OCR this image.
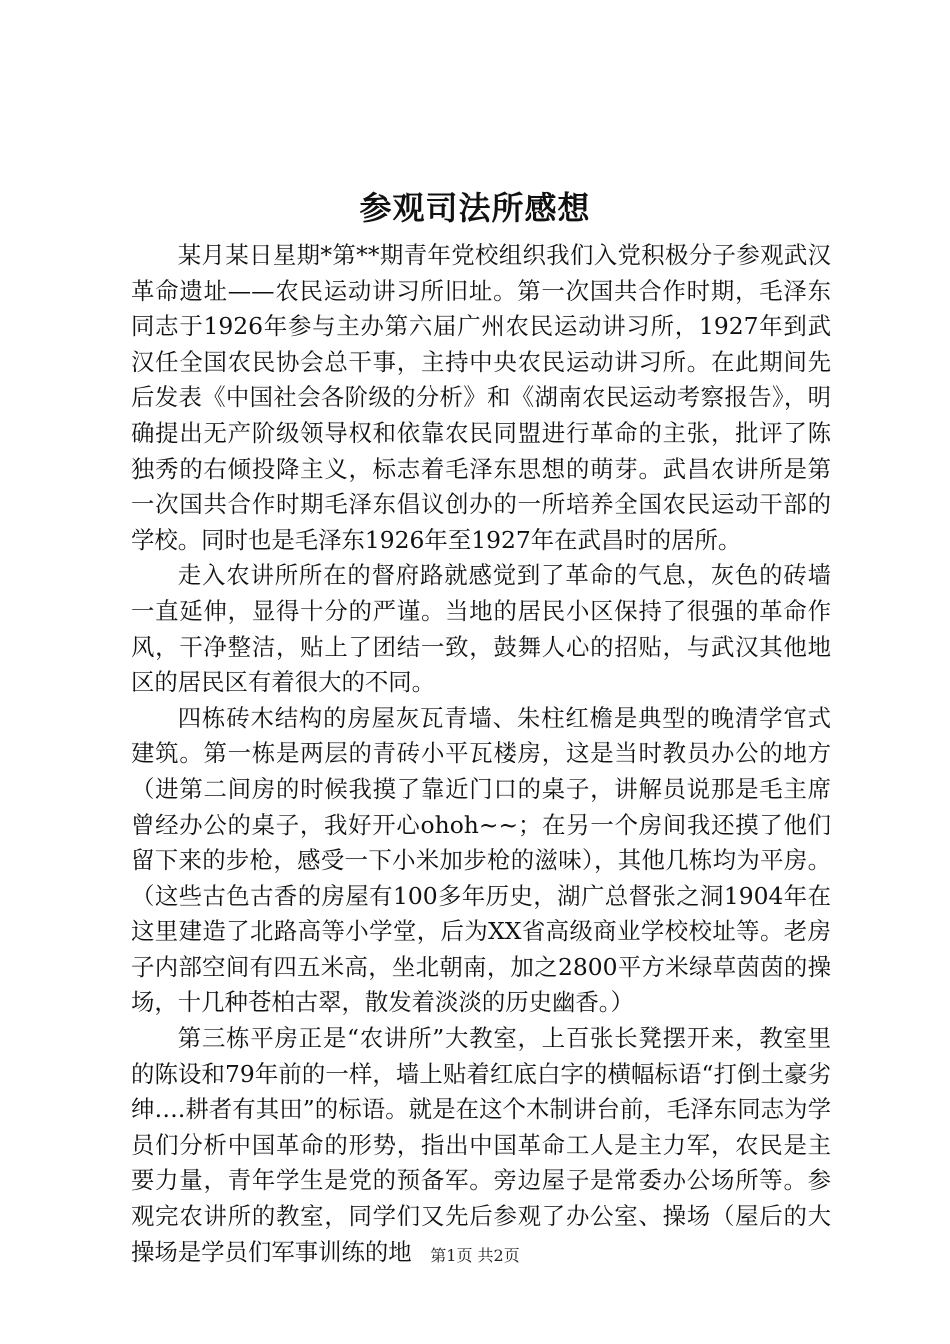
参观司法所感想

某月某日星期*第**期青年党校组织我们入党积极分子参观武汉革命遗址——农民运动讲习所旧址。第一次国共合作时期，毛泽东同志于1926年参与主办第六届广州农民运动讲习所，1927年到武汉任全国农民协会总干事，主持中央农民运动讲习所。在此期间先后发表《中国社会各阶级的分析》和《湖南农民运动考察报告》，明确提出无产阶级领导权和依靠农民同盟进行革命的主张，批评了陈独秀的右倾投降主义，标志着毛泽东思想的萌芽。武昌农讲所是第一次国共合作时期毛泽东倡议创办的一所培养全国农民运动干部的学校。同时也是毛泽东1926年至1927年在武昌时的居所。

走入农讲所所在的督府路就感觉到了革命的气息，灰色的砖墙一直延伸，显得十分的严谨。当地的居民小区保持了很强的革命作风，干净整洁，贴上了团结一致，鼓舞人心的招贴，与武汉其他地区的居民区有着很大的不同。

四栋砖木结构的房屋灰瓦青墙、朱柱红檐是典型的晚清学官式建筑。第一栋是两层的青砖小平瓦楼房，这是当时教员办公的地方（进第二间房的时候我摸了靠近门口的桌子，讲解员说那是毛主席曾经办公的桌子，我好开心ohoh~~；在另一个房间我还摸了他们留下来的步枪，感受一下小米加步枪的滋味），其他几栋均为平房。（这些古色古香的房屋有100多年历史，湖广总督张之洞1904年在这里建造了北路高等小学堂，后为XX省高级商业学校校址等。老房子内部空间有四五米高，坐北朝南，加之2800平方米绿草茵茵的操场，十几种苍柏古翠，散发着淡淡的历史幽香。）

第三栋平房正是“农讲所”大教室，上百张长凳摆开来，教室里的陈设和79年前的一样，墙上贴着红底白字的横幅标语“打倒土豪劣绅….耕者有其田”的标语。就是在这个木制讲台前，毛泽东同志为学员们分析中国革命的形势，指出中国革命工人是主力军，农民是主要力量，青年学生是党的预备军。旁边屋子是常委办公场所等。参观完农讲所的教室，同学们又先后参观了办公室、操场（屋后的大操场是学员们军事训练的地	第1页 共2页
